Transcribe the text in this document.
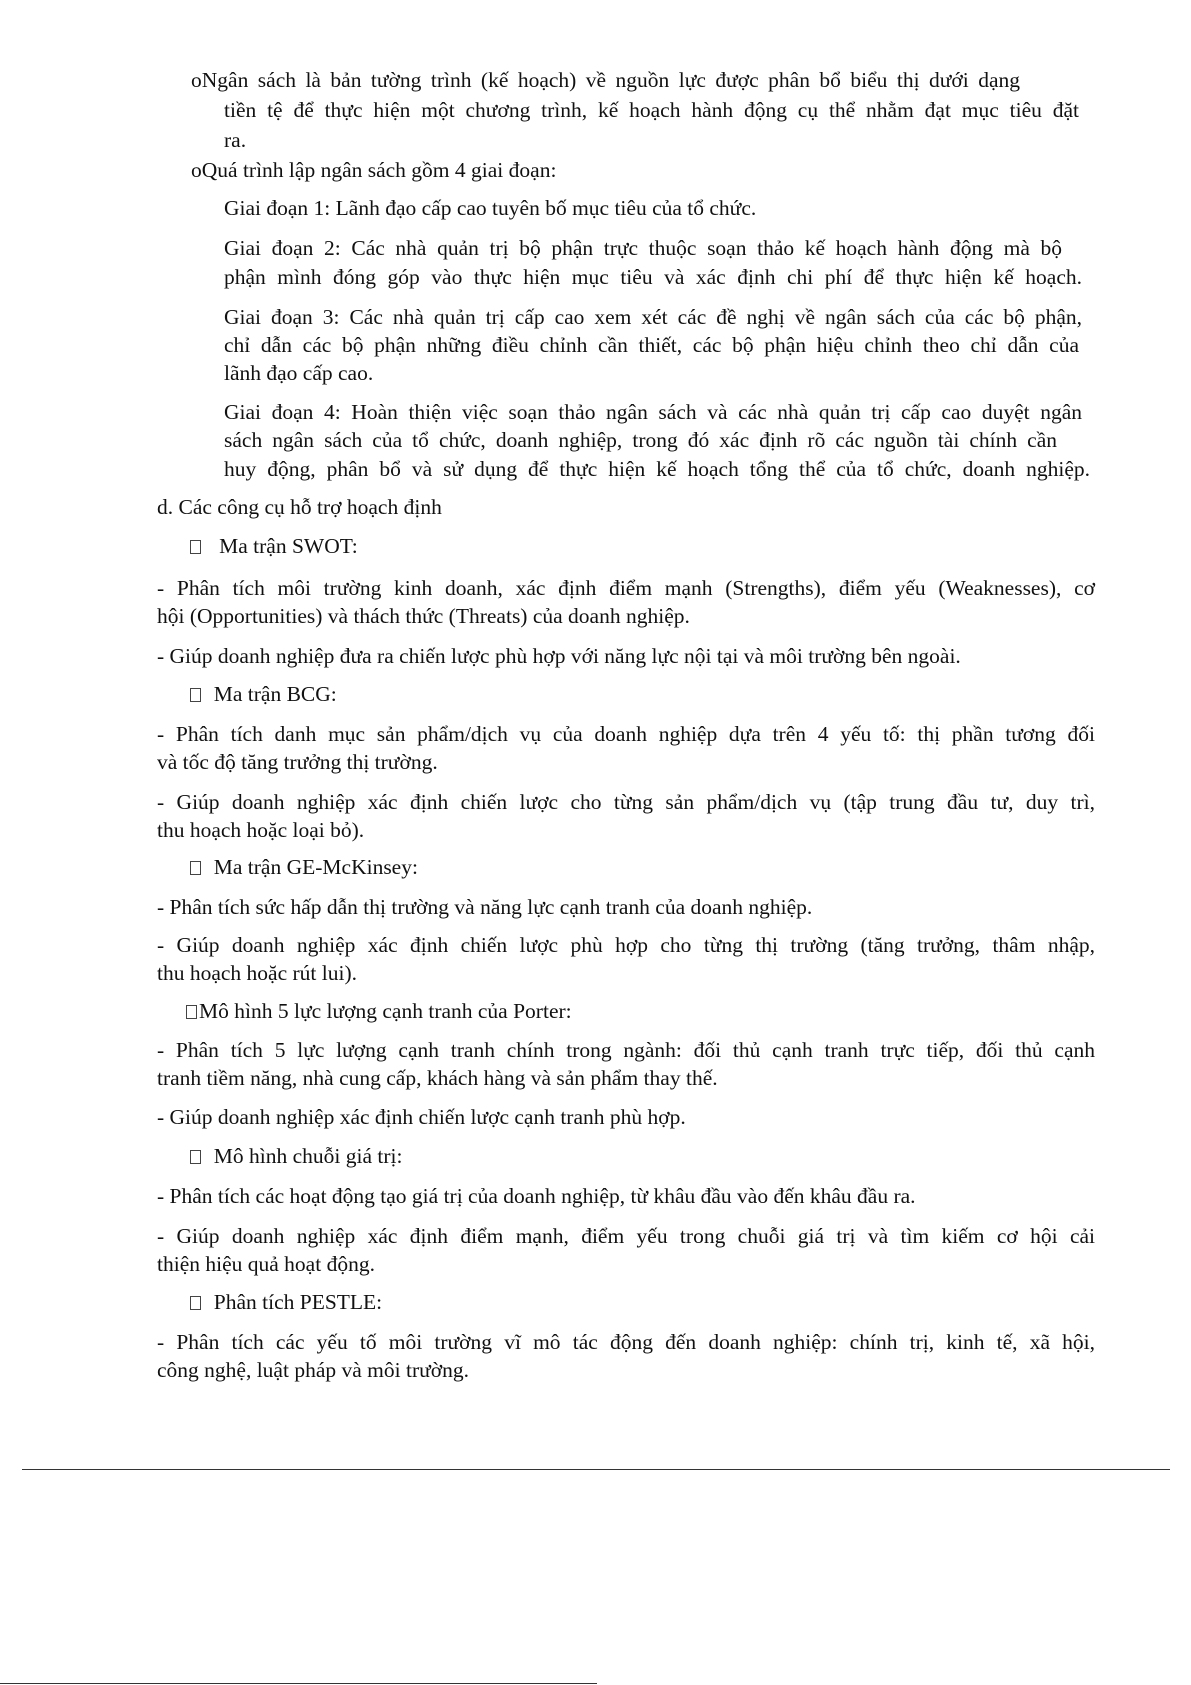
oNgân sách là bản tường trình (kế hoạch) về nguồn lực được phân bổ biểu thị dưới dạng
tiền tệ để thực hiện một chương trình, kế hoạch hành động cụ thể nhằm đạt mục tiêu đặt
ra.
oQuá trình lập ngân sách gồm 4 giai đoạn:
Giai đoạn 1: Lãnh đạo cấp cao tuyên bố mục tiêu của tổ chức.
Giai đoạn 2: Các nhà quản trị bộ phận trực thuộc soạn thảo kế hoạch hành động mà bộ
phận mình đóng góp vào thực hiện mục tiêu và xác định chi phí để thực hiện kế hoạch.
Giai đoạn 3: Các nhà quản trị cấp cao xem xét các đề nghị về ngân sách của các bộ phận,
chỉ dẫn các bộ phận những điều chỉnh cần thiết, các bộ phận hiệu chỉnh theo chỉ dẫn của
lãnh đạo cấp cao.
Giai đoạn 4: Hoàn thiện việc soạn thảo ngân sách và các nhà quản trị cấp cao duyệt ngân
sách ngân sách của tổ chức, doanh nghiệp, trong đó xác định rõ các nguồn tài chính cần
huy động, phân bổ và sử dụng để thực hiện kế hoạch tổng thể của tổ chức, doanh nghiệp.
d. Các công cụ hỗ trợ hoạch định
Ma trận SWOT:
- Phân tích môi trường kinh doanh, xác định điểm mạnh (Strengths), điểm yếu (Weaknesses), cơ
hội (Opportunities) và thách thức (Threats) của doanh nghiệp.
- Giúp doanh nghiệp đưa ra chiến lược phù hợp với năng lực nội tại và môi trường bên ngoài.
Ma trận BCG:
- Phân tích danh mục sản phẩm/dịch vụ của doanh nghiệp dựa trên 4 yếu tố: thị phần tương đối
và tốc độ tăng trưởng thị trường.
- Giúp doanh nghiệp xác định chiến lược cho từng sản phẩm/dịch vụ (tập trung đầu tư, duy trì,
thu hoạch hoặc loại bỏ).
Ma trận GE-McKinsey:
- Phân tích sức hấp dẫn thị trường và năng lực cạnh tranh của doanh nghiệp.
- Giúp doanh nghiệp xác định chiến lược phù hợp cho từng thị trường (tăng trưởng, thâm nhập,
thu hoạch hoặc rút lui).
Mô hình 5 lực lượng cạnh tranh của Porter:
- Phân tích 5 lực lượng cạnh tranh chính trong ngành: đối thủ cạnh tranh trực tiếp, đối thủ cạnh
tranh tiềm năng, nhà cung cấp, khách hàng và sản phẩm thay thế.
- Giúp doanh nghiệp xác định chiến lược cạnh tranh phù hợp.
Mô hình chuỗi giá trị:
- Phân tích các hoạt động tạo giá trị của doanh nghiệp, từ khâu đầu vào đến khâu đầu ra.
- Giúp doanh nghiệp xác định điểm mạnh, điểm yếu trong chuỗi giá trị và tìm kiếm cơ hội cải
thiện hiệu quả hoạt động.
Phân tích PESTLE:
- Phân tích các yếu tố môi trường vĩ mô tác động đến doanh nghiệp: chính trị, kinh tế, xã hội,
công nghệ, luật pháp và môi trường.
